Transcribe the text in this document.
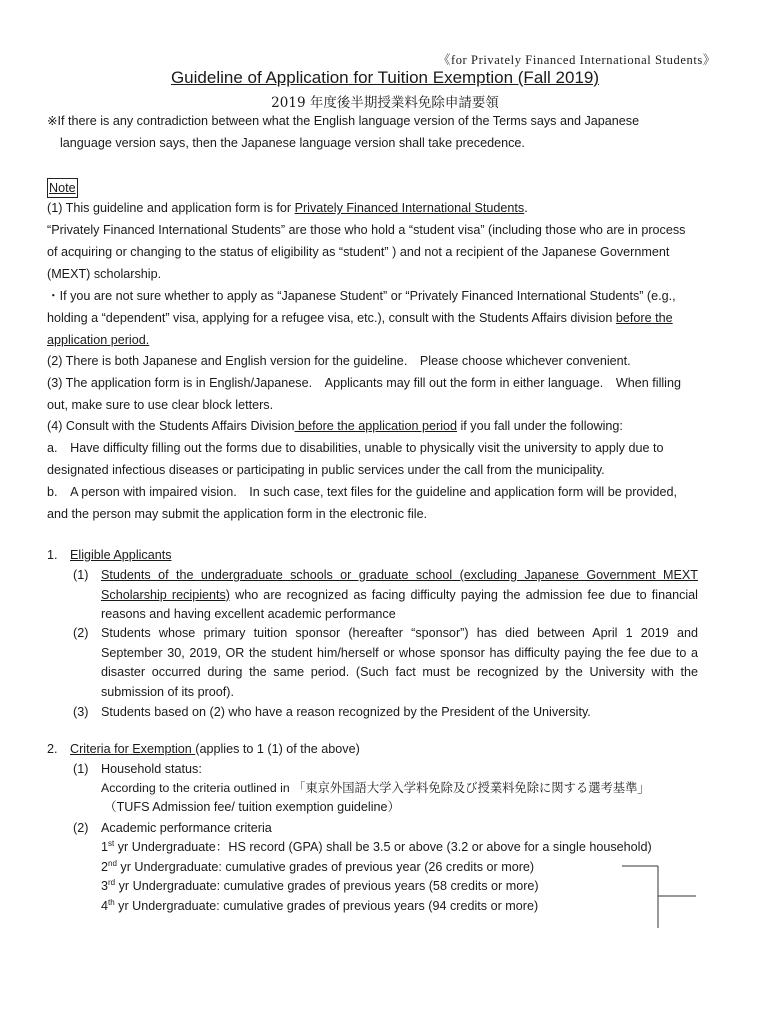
《for Privately Financed International Students》
Guideline of Application for Tuition Exemption (Fall 2019)
2019 年度後半期授業料免除申請要領

※If there is any contradiction between what the English language version of the Terms says and Japanese

language version says, then the Japanese language version shall take precedence.

Note

(1) This guideline and application form is for Privately Financed International Students.

“Privately Financed International Students” are those who hold a “student visa” (including those who are in process of acquiring or changing to the status of eligibility as “student” ) and not a recipient of the Japanese Government (MEXT) scholarship.

・If you are not sure whether to apply as “Japanese Student” or “Privately Financed International Students” (e.g., holding a “dependent” visa, applying for a refugee visa, etc.), consult with the Students Affairs division before the application period.

(2) There is both Japanese and English version for the guideline.　Please choose whichever convenient.

(3) The application form is in English/Japanese.　Applicants may fill out the form in either language.　When filling out, make sure to use clear block letters.

(4) Consult with the Students Affairs Division before the application period if you fall under the following:

a.　Have difficulty filling out the forms due to disabilities, unable to physically visit the university to apply due to designated infectious diseases or participating in public services under the call from the municipality.

b.　A person with impaired vision.　In such case, text files for the guideline and application form will be provided, and the person may submit the application form in the electronic file.

1. Eligible Applicants
(1) Students of the undergraduate schools or graduate school (excluding Japanese Government MEXT Scholarship recipients) who are recognized as facing difficulty paying the admission fee due to financial reasons and having excellent academic performance

(2) Students whose primary tuition sponsor (hereafter “sponsor”) has died between April 1 2019 and September 30, 2019, OR the student him/herself or whose sponsor has difficulty paying the fee due to a disaster occurred during the same period. (Such fact must be recognized by the University with the submission of its proof).

(3) Students based on (2) who have a reason recognized by the President of the University.

2. Criteria for Exemption (applies to 1 (1) of the above)
(1) Household status:
According to the criteria outlined in 「東京外国語大学入学料免除及び授業料免除に関する選考基準」
（TUFS Admission fee/ tuition exemption guideline）
(2) Academic performance criteria
1st yr Undergraduate：HS record (GPA) shall be 3.5 or above (3.2 or above for a single household)
2nd yr Undergraduate: cumulative grades of previous year (26 credits or more)
3rd yr Undergraduate: cumulative grades of previous years (58 credits or more)
4th yr Undergraduate: cumulative grades of previous years (94 credits or more)
